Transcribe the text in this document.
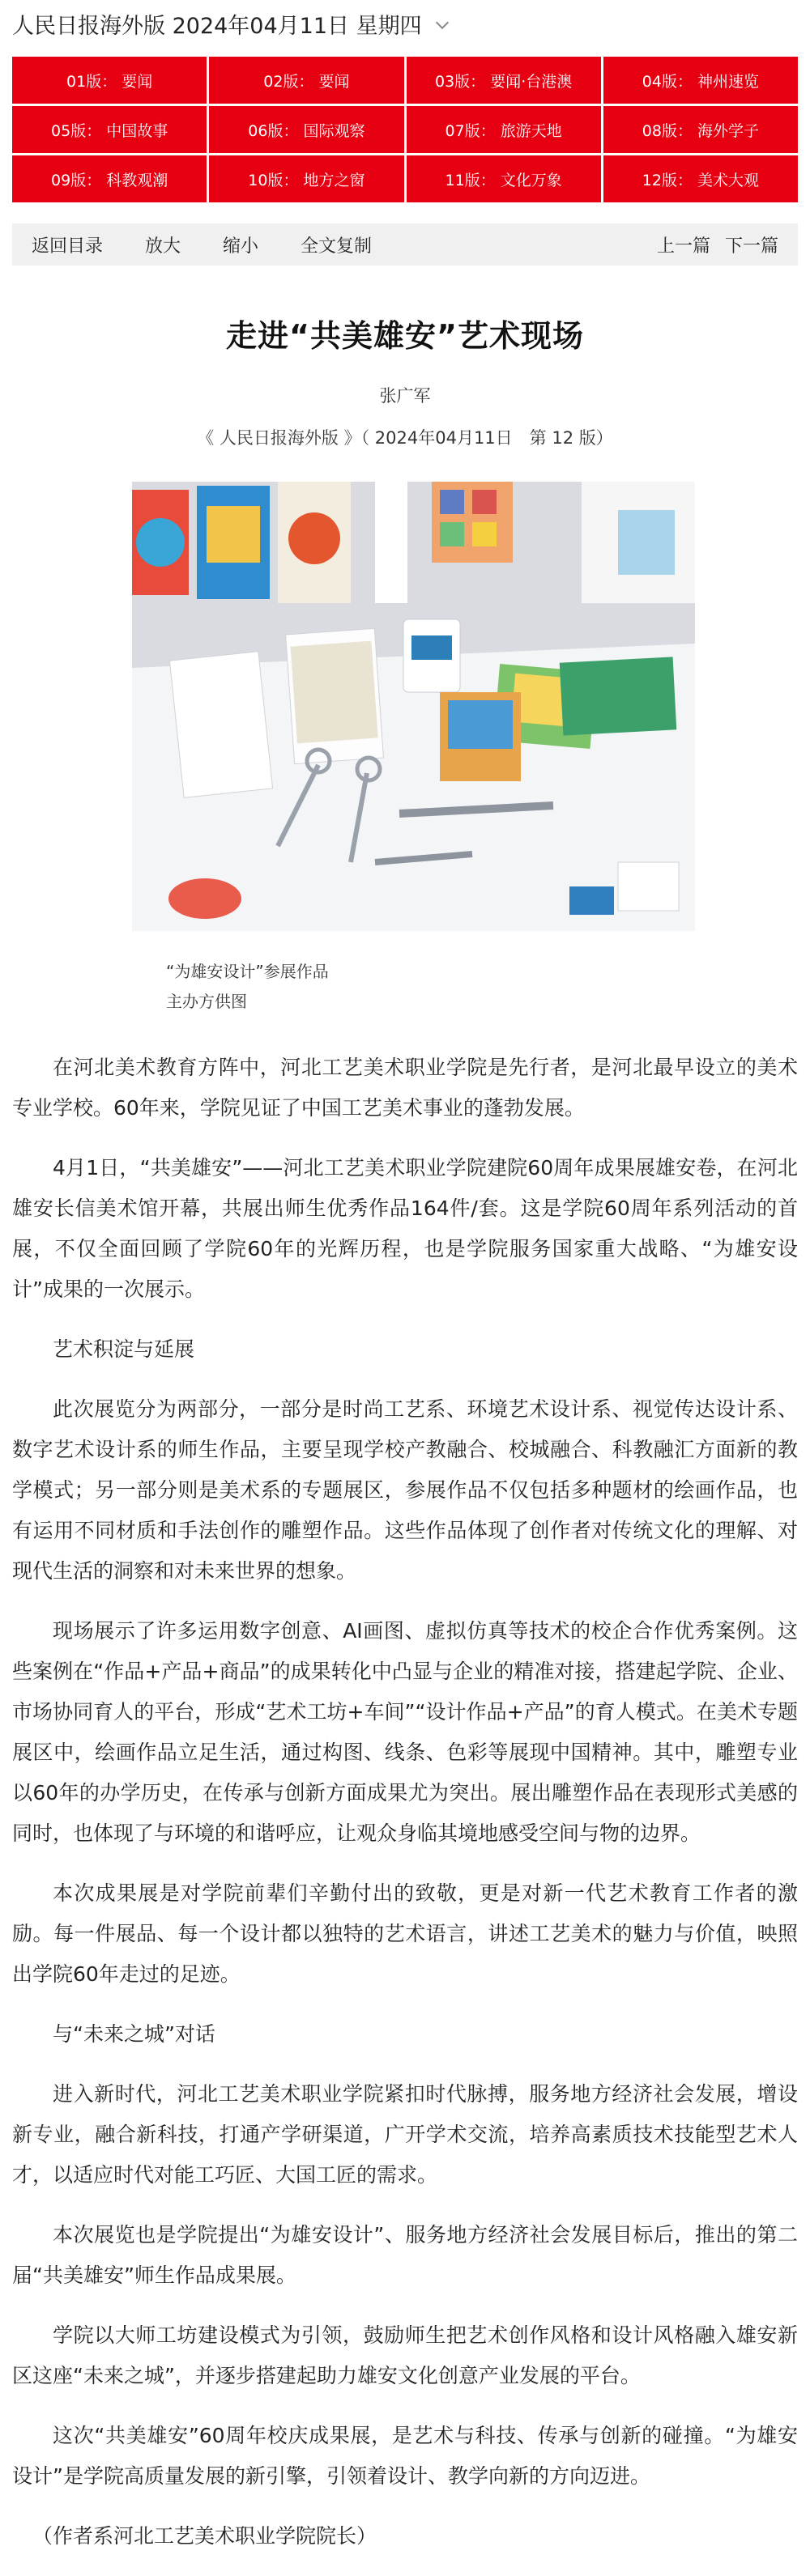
人民日报海外版 2024年04月11日 星期四
01版： 要闻	02版： 要闻	03版： 要闻·台港澳	04版： 神州速览
05版： 中国故事	06版： 国际观察	07版： 旅游天地	08版： 海外学子
09版： 科教观潮	10版： 地方之窗	11版： 文化万象	12版： 美术大观
返回目录 放大 缩小 全文复制	上一篇 下一篇
走进“共美雄安”艺术现场
张广军
《 人民日报海外版 》（ 2024年04月11日　第 12 版）
“为雄安设计”参展作品
主办方供图

在河北美术教育方阵中，河北工艺美术职业学院是先行者，是河北最早设立的美术专业学校。60年来，学院见证了中国工艺美术事业的蓬勃发展。

4月1日，“共美雄安”——河北工艺美术职业学院建院60周年成果展雄安卷，在河北雄安长信美术馆开幕，共展出师生优秀作品164件/套。这是学院60周年系列活动的首展，不仅全面回顾了学院60年的光辉历程，也是学院服务国家重大战略、“为雄安设计”成果的一次展示。

艺术积淀与延展

此次展览分为两部分，一部分是时尚工艺系、环境艺术设计系、视觉传达设计系、数字艺术设计系的师生作品，主要呈现学校产教融合、校城融合、科教融汇方面新的教学模式；另一部分则是美术系的专题展区，参展作品不仅包括多种题材的绘画作品，也有运用不同材质和手法创作的雕塑作品。这些作品体现了创作者对传统文化的理解、对现代生活的洞察和对未来世界的想象。

现场展示了许多运用数字创意、AI画图、虚拟仿真等技术的校企合作优秀案例。这些案例在“作品+产品+商品”的成果转化中凸显与企业的精准对接，搭建起学院、企业、市场协同育人的平台，形成“艺术工坊+车间”“设计作品+产品”的育人模式。在美术专题展区中，绘画作品立足生活，通过构图、线条、色彩等展现中国精神。其中，雕塑专业以60年的办学历史，在传承与创新方面成果尤为突出。展出雕塑作品在表现形式美感的同时，也体现了与环境的和谐呼应，让观众身临其境地感受空间与物的边界。

本次成果展是对学院前辈们辛勤付出的致敬，更是对新一代艺术教育工作者的激励。每一件展品、每一个设计都以独特的艺术语言，讲述工艺美术的魅力与价值，映照出学院60年走过的足迹。

与“未来之城”对话

进入新时代，河北工艺美术职业学院紧扣时代脉搏，服务地方经济社会发展，增设新专业，融合新科技，打通产学研渠道，广开学术交流，培养高素质技术技能型艺术人才，以适应时代对能工巧匠、大国工匠的需求。

本次展览也是学院提出“为雄安设计”、服务地方经济社会发展目标后，推出的第二届“共美雄安”师生作品成果展。

学院以大师工坊建设模式为引领，鼓励师生把艺术创作风格和设计风格融入雄安新区这座“未来之城”，并逐步搭建起助力雄安文化创意产业发展的平台。

这次“共美雄安”60周年校庆成果展，是艺术与科技、传承与创新的碰撞。“为雄安设计”是学院高质量发展的新引擎，引领着设计、教学向新的方向迈进。

（作者系河北工艺美术职业学院院长）
